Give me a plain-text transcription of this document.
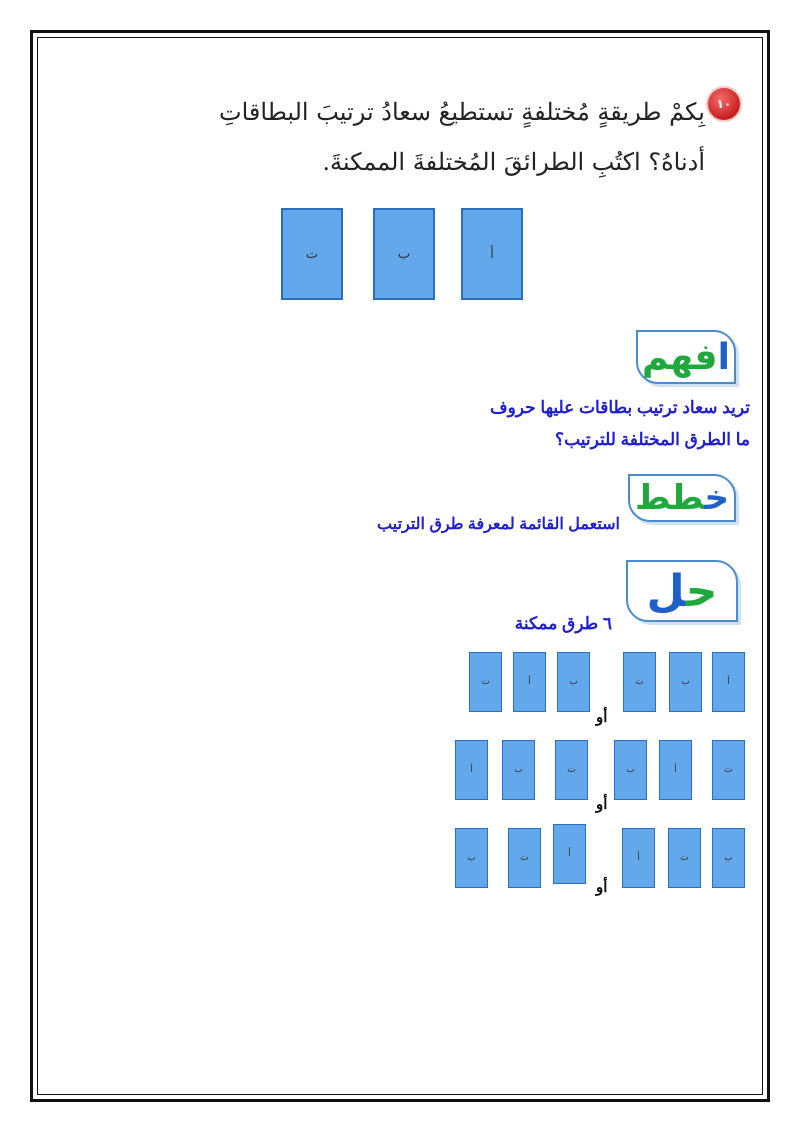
١٠
بِكمْ طريقةٍ مُختلفةٍ تستطيعُ سعادُ ترتيبَ البطاقاتِ
أدناهُ؟ اكتُبِ الطرائقَ المُختلفةَ الممكنةَ.
أ
ب
ت
افهم
تريد سعاد ترتيب بطاقات عليها حروف
ما الطرق المختلفة للترتيب؟
خطط
استعمل القائمة لمعرفة طرق الترتيب
حل
٦ طرق ممكنة
أ
ب
ت
أو
ب
أ
ت
ت
أ
ب
أو
ت
ب
أ
ب
ت
أ
أو
أ
ت
ب
